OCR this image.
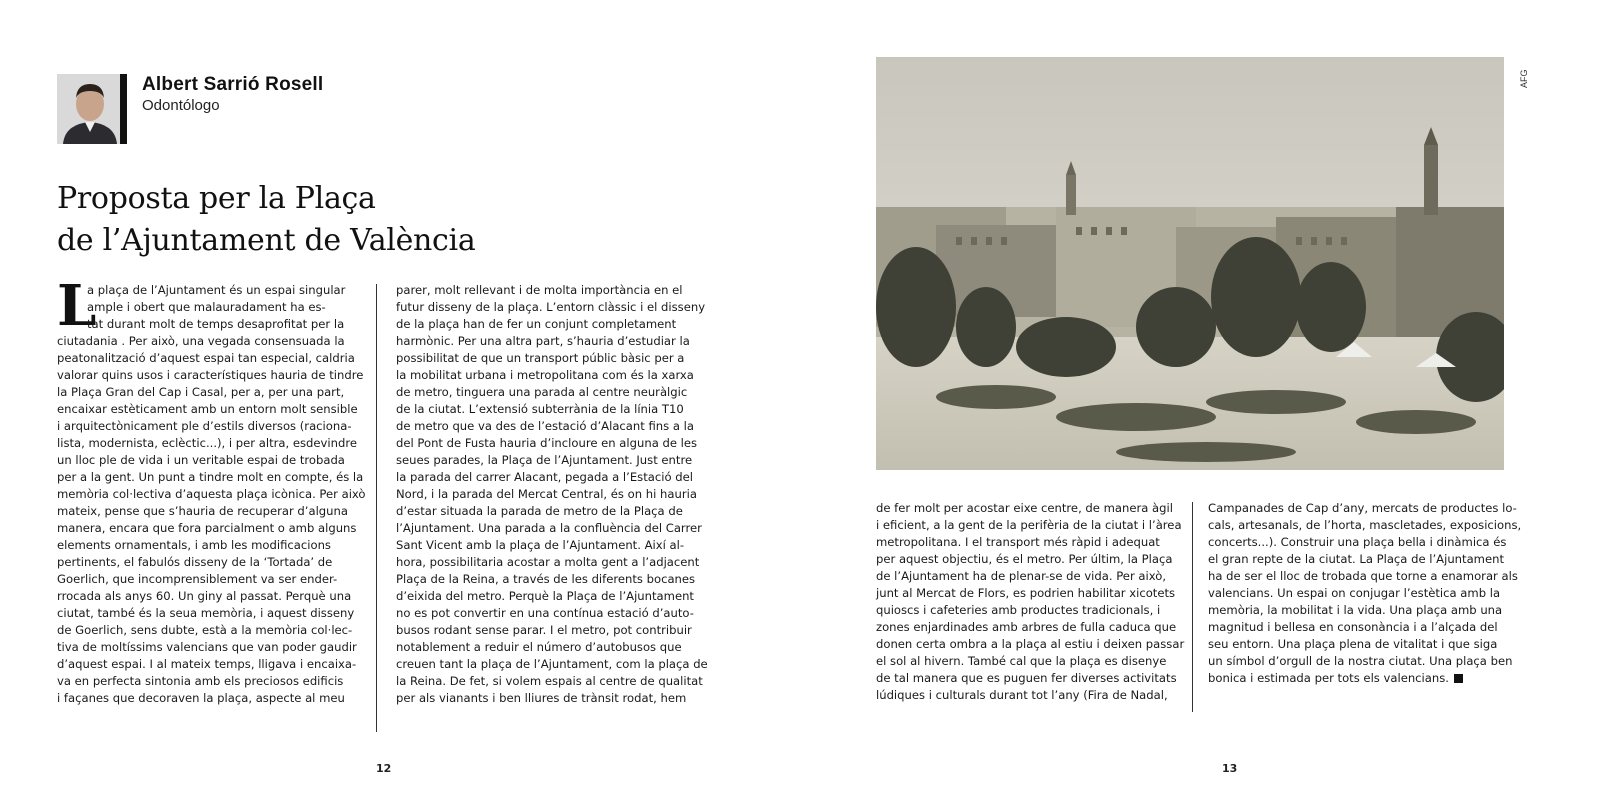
Albert Sarrió Rosell
Odontólogo
Proposta per la Plaça
de l’Ajuntament de València
L
a plaça de l’Ajuntament és un espai singular
ample i obert que malauradament ha es-
tat durant molt de temps desaprofitat per la
ciutadania . Per això, una vegada consensuada la
peatonalització d’aquest espai tan especial, caldria
valorar quins usos i característiques hauria de tindre
la Plaça Gran del Cap i Casal, per a, per una part,
encaixar estèticament amb un entorn molt sensible
i arquitectònicament ple d’estils diversos (raciona-
lista, modernista, eclèctic...), i per altra, esdevindre
un lloc ple de vida i un veritable espai de trobada
per a la gent. Un punt a tindre molt en compte, és la
memòria col·lectiva d’aquesta plaça icònica. Per això
mateix, pense que s’hauria de recuperar d’alguna
manera, encara que fora parcialment o amb alguns
elements ornamentals, i amb les modificacions
pertinents, el fabulós disseny de la ‘Tortada’ de
Goerlich, que incomprensiblement va ser ender-
rrocada als anys 60. Un giny al passat. Perquè una
ciutat, també és la seua memòria, i aquest disseny
de Goerlich, sens dubte, està a la memòria col·lec-
tiva de moltíssims valencians que van poder gaudir
d’aquest espai. I al mateix temps, lligava i encaixa-
va en perfecta sintonia amb els preciosos edificis
i façanes que decoraven la plaça, aspecte al meu
parer, molt rellevant i de molta importància en el
futur disseny de la plaça. L’entorn clàssic i el disseny
de la plaça han de fer un conjunt completament
harmònic. Per una altra part, s’hauria d’estudiar la
possibilitat de que un transport públic bàsic per a
la mobilitat urbana i metropolitana com és la xarxa
de metro, tinguera una parada al centre neuràlgic
de la ciutat. L’extensió subterrània de la línia T10
de metro que va des de l’estació d’Alacant fins a la
del Pont de Fusta hauria d’incloure en alguna de les
seues parades, la Plaça de l’Ajuntament. Just entre
la parada del carrer Alacant, pegada a l’Estació del
Nord, i la parada del Mercat Central, és on hi hauria
d’estar situada la parada de metro de la Plaça de
l’Ajuntament. Una parada a la confluència del Carrer
Sant Vicent amb la plaça de l’Ajuntament. Així al-
hora, possibilitaria acostar a molta gent a l’adjacent
Plaça de la Reina, a través de les diferents bocanes
d’eixida del metro. Perquè la Plaça de l’Ajuntament
no es pot convertir en una contínua estació d’auto-
busos rodant sense parar. I el metro, pot contribuir
notablement a reduir el número d’autobusos que
creuen tant la plaça de l’Ajuntament, com la plaça de
la Reina. De fet, si volem espais al centre de qualitat
per als vianants i ben lliures de trànsit rodat, hem
12
AFG
de fer molt per acostar eixe centre, de manera àgil
i eficient, a la gent de la perifèria de la ciutat i l’àrea
metropolitana. I el transport més ràpid i adequat
per aquest objectiu, és el metro. Per últim, la Plaça
de l’Ajuntament ha de plenar-se de vida. Per això,
junt al Mercat de Flors, es podrien habilitar xicotets
quioscs i cafeteries amb productes tradicionals, i
zones enjardinades amb arbres de fulla caduca que
donen certa ombra a la plaça al estiu i deixen passar
el sol al hivern. També cal que la plaça es disenye
de tal manera que es puguen fer diverses activitats
lúdiques i culturals durant tot l’any (Fira de Nadal,
Campanades de Cap d’any, mercats de productes lo-
cals, artesanals, de l’horta, mascletades, exposicions,
concerts...). Construir una plaça bella i dinàmica és
el gran repte de la ciutat. La Plaça de l’Ajuntament
ha de ser el lloc de trobada que torne a enamorar als
valencians. Un espai on conjugar l’estètica amb la
memòria, la mobilitat i la vida. Una plaça amb una
magnitud i bellesa en consonància i a l’alçada del
seu entorn. Una plaça plena de vitalitat i que siga
un símbol d’orgull de la nostra ciutat. Una plaça ben
bonica i estimada per tots els valencians.
13
